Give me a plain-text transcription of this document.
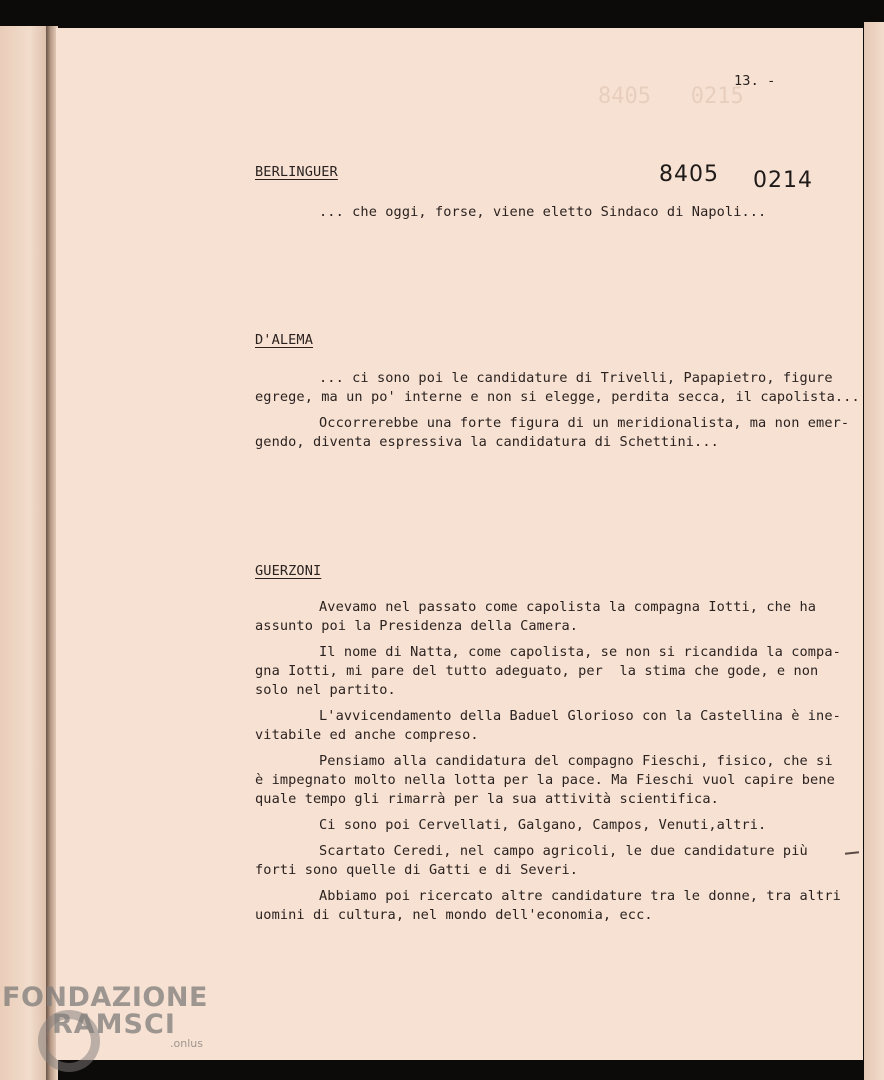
8405   0215
13. -
8405 0214
BERLINGUER
... che oggi, forse, viene eletto Sindaco di Napoli...
D'ALEMA
... ci sono poi le candidature di Trivelli, Papapietro, figure
egrege, ma un po' interne e non si elegge, perdita secca, il capolista...
Occorrerebbe una forte figura di un meridionalista, ma non emer-
gendo, diventa espressiva la candidatura di Schettini...
GUERZONI
Avevamo nel passato come capolista la compagna Iotti, che ha
assunto poi la Presidenza della Camera.
Il nome di Natta, come capolista, se non si ricandida la compa-
gna Iotti, mi pare del tutto adeguato, per  la stima che gode, e non
solo nel partito.
L'avvicendamento della Baduel Glorioso con la Castellina è ine-
vitabile ed anche compreso.
Pensiamo alla candidatura del compagno Fieschi, fisico, che si
è impegnato molto nella lotta per la pace. Ma Fieschi vuol capire bene
quale tempo gli rimarrà per la sua attività scientifica.
Ci sono poi Cervellati, Galgano, Campos, Venuti,altri.
Scartato Ceredi, nel campo agricoli, le due candidature più
forti sono quelle di Gatti e di Severi.
Abbiamo poi ricercato altre candidature tra le donne, tra altri
uomini di cultura, nel mondo dell'economia, ecc.
FONDAZIONE
RAMSCI
.onlus
